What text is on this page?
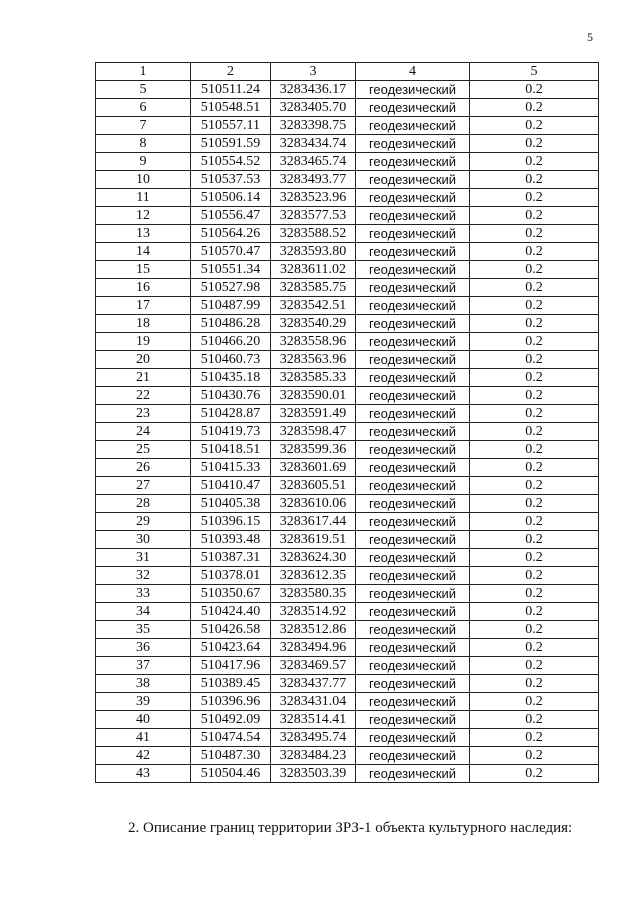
5
1	2	3	4	5
5	510511.24	3283436.17	геодезический	0.2
6	510548.51	3283405.70	геодезический	0.2
7	510557.11	3283398.75	геодезический	0.2
8	510591.59	3283434.74	геодезический	0.2
9	510554.52	3283465.74	геодезический	0.2
10	510537.53	3283493.77	геодезический	0.2
11	510506.14	3283523.96	геодезический	0.2
12	510556.47	3283577.53	геодезический	0.2
13	510564.26	3283588.52	геодезический	0.2
14	510570.47	3283593.80	геодезический	0.2
15	510551.34	3283611.02	геодезический	0.2
16	510527.98	3283585.75	геодезический	0.2
17	510487.99	3283542.51	геодезический	0.2
18	510486.28	3283540.29	геодезический	0.2
19	510466.20	3283558.96	геодезический	0.2
20	510460.73	3283563.96	геодезический	0.2
21	510435.18	3283585.33	геодезический	0.2
22	510430.76	3283590.01	геодезический	0.2
23	510428.87	3283591.49	геодезический	0.2
24	510419.73	3283598.47	геодезический	0.2
25	510418.51	3283599.36	геодезический	0.2
26	510415.33	3283601.69	геодезический	0.2
27	510410.47	3283605.51	геодезический	0.2
28	510405.38	3283610.06	геодезический	0.2
29	510396.15	3283617.44	геодезический	0.2
30	510393.48	3283619.51	геодезический	0.2
31	510387.31	3283624.30	геодезический	0.2
32	510378.01	3283612.35	геодезический	0.2
33	510350.67	3283580.35	геодезический	0.2
34	510424.40	3283514.92	геодезический	0.2
35	510426.58	3283512.86	геодезический	0.2
36	510423.64	3283494.96	геодезический	0.2
37	510417.96	3283469.57	геодезический	0.2
38	510389.45	3283437.77	геодезический	0.2
39	510396.96	3283431.04	геодезический	0.2
40	510492.09	3283514.41	геодезический	0.2
41	510474.54	3283495.74	геодезический	0.2
42	510487.30	3283484.23	геодезический	0.2
43	510504.46	3283503.39	геодезический	0.2
2. Описание границ территории ЗРЗ-1 объекта культурного наследия:
